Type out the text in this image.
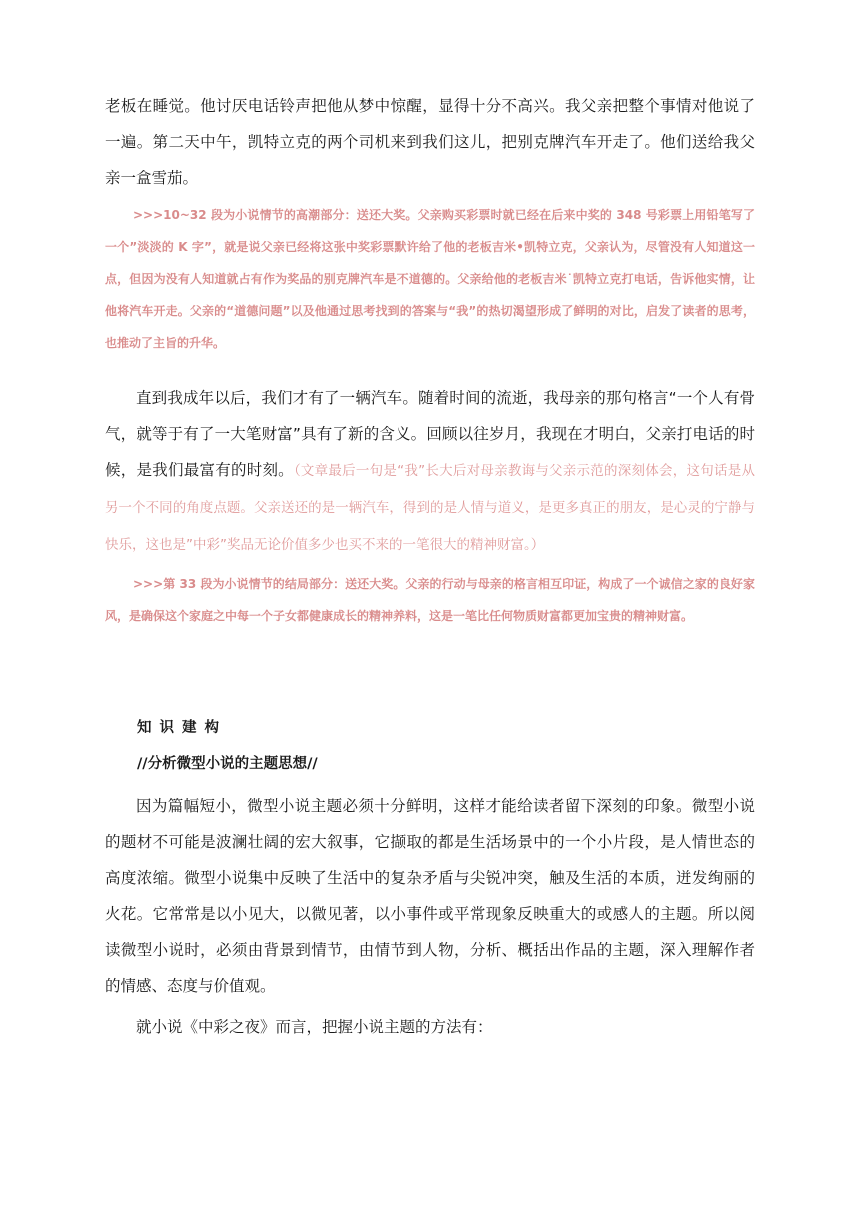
老板在睡觉。他讨厌电话铃声把他从梦中惊醒，显得十分不高兴。我父亲把整个事情对他说了一遍。第二天中午，凯特立克的两个司机来到我们这儿，把别克牌汽车开走了。他们送给我父亲一盒雪茄。

>>>10~32 段为小说情节的高潮部分：送还大奖。父亲购买彩票时就已经在后来中奖的 348 号彩票上用铅笔写了一个”淡淡的 K 字”，就是说父亲已经将这张中奖彩票默许给了他的老板吉米•凯特立克，父亲认为，尽管没有人知道这一点，但因为没有人知道就占有作为奖品的别克牌汽车是不道德的。父亲给他的老板吉米˙凯特立克打电话，告诉他实情，让他将汽车开走。父亲的“道德问题”以及他通过思考找到的答案与“我”的热切渴望形成了鲜明的对比，启发了读者的思考，也推动了主旨的升华。

直到我成年以后，我们才有了一辆汽车。随着时间的流逝，我母亲的那句格言“一个人有骨气，就等于有了一大笔财富”具有了新的含义。回顾以往岁月，我现在才明白，父亲打电话的时候，是我们最富有的时刻。（文章最后一句是“我”长大后对母亲教诲与父亲示范的深刻体会，这句话是从另一个不同的角度点题。父亲送还的是一辆汽车，得到的是人情与道义，是更多真正的朋友，是心灵的宁静与快乐，这也是”中彩”奖品无论价值多少也买不来的一笔很大的精神财富。）

>>>第 33 段为小说情节的结局部分：送还大奖。父亲的行动与母亲的格言相互印证，构成了一个诚信之家的良好家风，是确保这个家庭之中每一个子女都健康成长的精神养料，这是一笔比任何物质财富都更加宝贵的精神财富。

知识建构

//分析微型小说的主题思想//

因为篇幅短小，微型小说主题必须十分鲜明，这样才能给读者留下深刻的印象。微型小说的题材不可能是波澜壮阔的宏大叙事，它撷取的都是生活场景中的一个小片段，是人情世态的高度浓缩。微型小说集中反映了生活中的复杂矛盾与尖锐冲突，触及生活的本质，迸发绚丽的火花。它常常是以小见大，以微见著，以小事件或平常现象反映重大的或感人的主题。所以阅读微型小说时，必须由背景到情节，由情节到人物，分析、概括出作品的主题，深入理解作者的情感、态度与价值观。

就小说《中彩之夜》而言，把握小说主题的方法有：
